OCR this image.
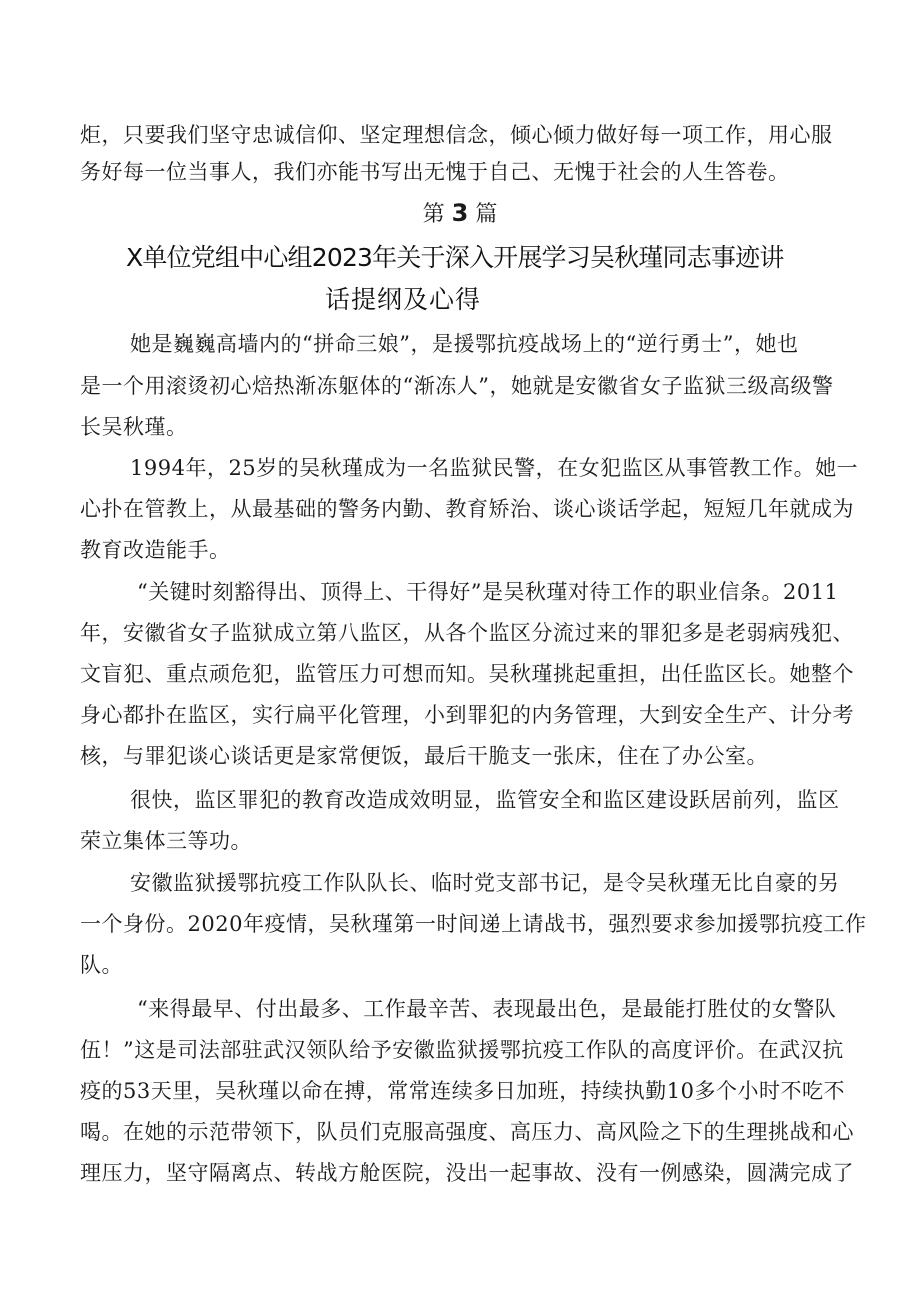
炬，只要我们坚守忠诚信仰、坚定理想信念，倾心倾力做好每一项工作，用心服
务好每一位当事人，我们亦能书写出无愧于自己、无愧于社会的人生答卷。
第 3 篇
X单位党组中心组2023年关于深入开展学习吴秋瑾同志事迹讲
话提纲及心得
她是巍巍高墙内的“拼命三娘”，是援鄂抗疫战场上的“逆行勇士”，她也
是一个用滚烫初心焙热渐冻躯体的“渐冻人”，她就是安徽省女子监狱三级高级警
长吴秋瑾。
1994年，25岁的吴秋瑾成为一名监狱民警，在女犯监区从事管教工作。她一
心扑在管教上，从最基础的警务内勤、教育矫治、谈心谈话学起，短短几年就成为
教育改造能手。
“关键时刻豁得出、顶得上、干得好”是吴秋瑾对待工作的职业信条。2011
年，安徽省女子监狱成立第八监区，从各个监区分流过来的罪犯多是老弱病残犯、
文盲犯、重点顽危犯，监管压力可想而知。吴秋瑾挑起重担，出任监区长。她整个
身心都扑在监区，实行扁平化管理，小到罪犯的内务管理，大到安全生产、计分考
核，与罪犯谈心谈话更是家常便饭，最后干脆支一张床，住在了办公室。
很快，监区罪犯的教育改造成效明显，监管安全和监区建设跃居前列，监区
荣立集体三等功。
安徽监狱援鄂抗疫工作队队长、临时党支部书记，是令吴秋瑾无比自豪的另
一个身份。2020年疫情，吴秋瑾第一时间递上请战书，强烈要求参加援鄂抗疫工作
队。
“来得最早、付出最多、工作最辛苦、表现最出色，是最能打胜仗的女警队
伍！”这是司法部驻武汉领队给予安徽监狱援鄂抗疫工作队的高度评价。在武汉抗
疫的53天里，吴秋瑾以命在搏，常常连续多日加班，持续执勤10多个小时不吃不
喝。在她的示范带领下，队员们克服高强度、高压力、高风险之下的生理挑战和心
理压力，坚守隔离点、转战方舱医院，没出一起事故、没有一例感染，圆满完成了
